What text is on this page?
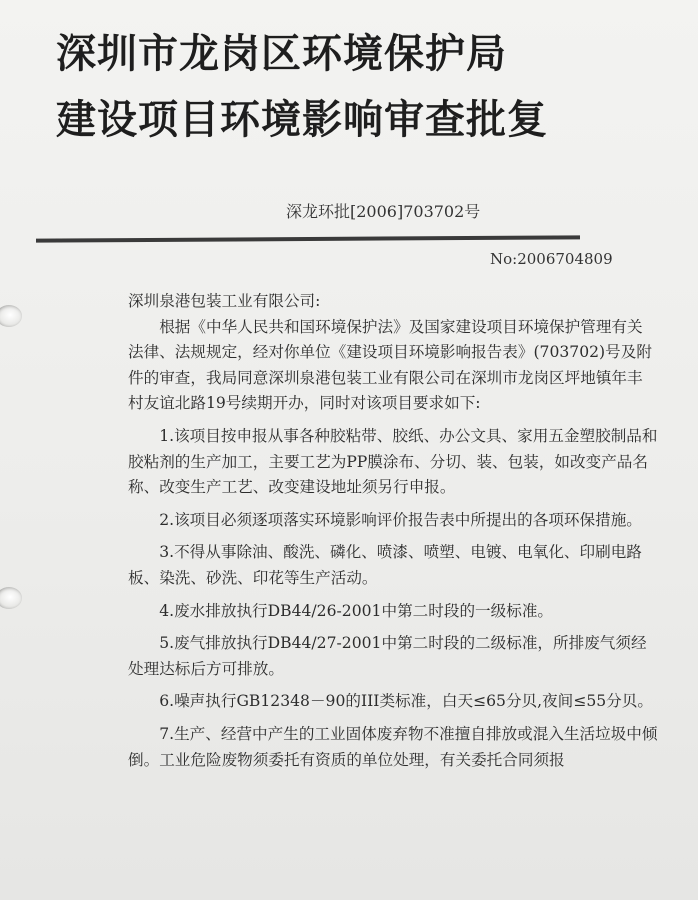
深圳市龙岗区环境保护局
建设项目环境影响审查批复
深龙环批[2006]703702号
No:2006704809

深圳泉港包装工业有限公司:

根据《中华人民共和国环境保护法》及国家建设项目环境保护管理有关法律、法规规定，经对你单位《建设项目环境影响报告表》(703702)号及附件的审查，我局同意深圳泉港包装工业有限公司在深圳市龙岗区坪地镇年丰村友谊北路19号续期开办，同时对该项目要求如下:

1.该项目按申报从事各种胶粘带、胶纸、办公文具、家用五金塑胶制品和胶粘剂的生产加工，主要工艺为PP膜涂布、分切、装、包装，如改变产品名称、改变生产工艺、改变建设地址须另行申报。

2.该项目必须逐项落实环境影响评价报告表中所提出的各项环保措施。

3.不得从事除油、酸洗、磷化、喷漆、喷塑、电镀、电氧化、印刷电路板、染洗、砂洗、印花等生产活动。

4.废水排放执行DB44/26-2001中第二时段的一级标准。

5.废气排放执行DB44/27-2001中第二时段的二级标准，所排废气须经处理达标后方可排放。

6.噪声执行GB12348－90的III类标准，白天≤65分贝,夜间≤55分贝。

7.生产、经营中产生的工业固体废弃物不准擅自排放或混入生活垃圾中倾倒。工业危险废物须委托有资质的单位处理，有关委托合同须报
